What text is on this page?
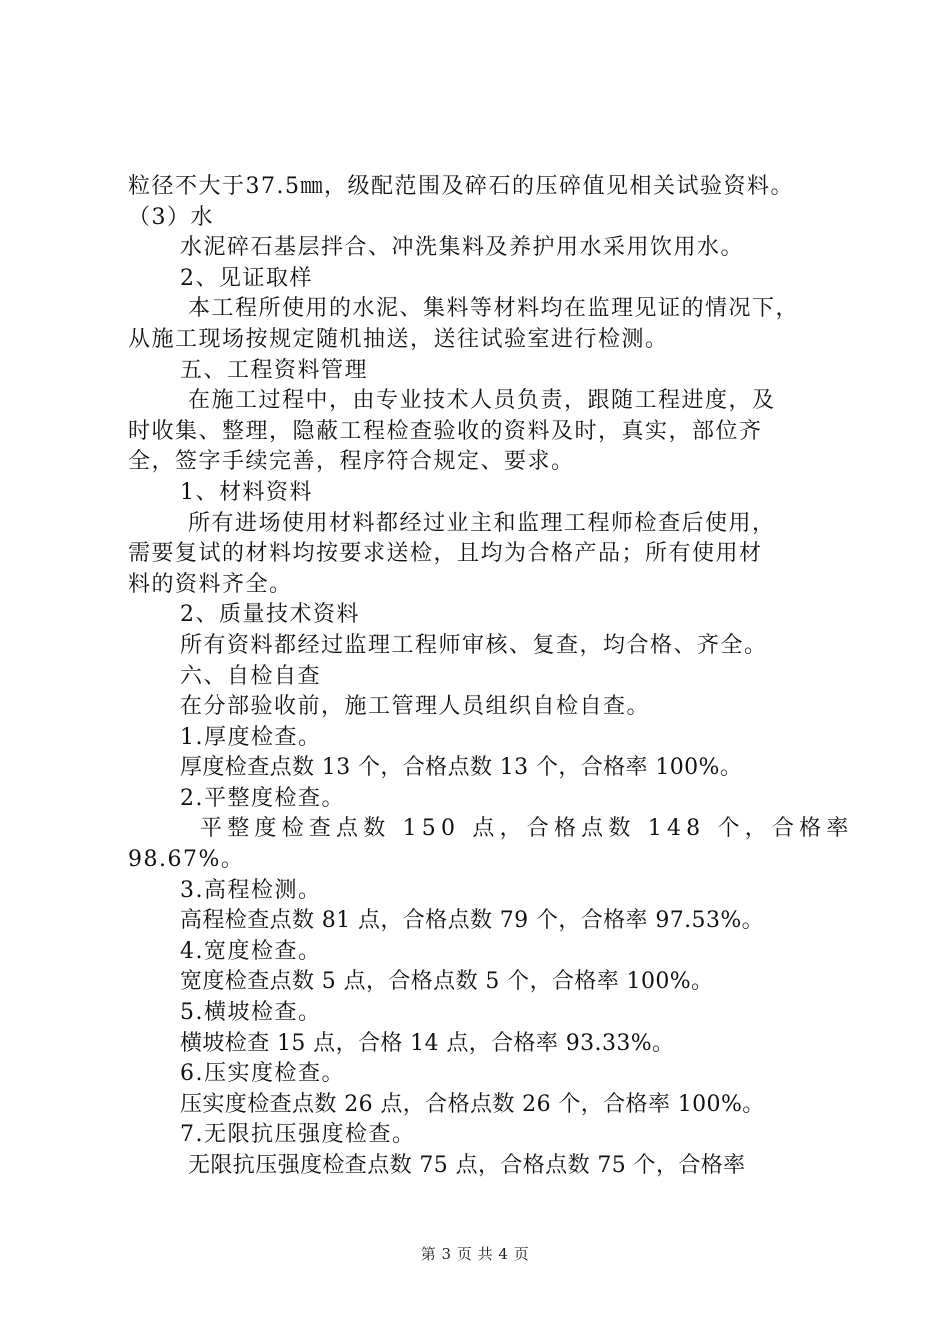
粒径不大于37.5㎜，级配范围及碎石的压碎值见相关试验资料。
（3）水
水泥碎石基层拌合、冲洗集料及养护用水采用饮用水。
2、见证取样
本工程所使用的水泥、集料等材料均在监理见证的情况下，
从施工现场按规定随机抽送，送往试验室进行检测。
五、工程资料管理
在施工过程中，由专业技术人员负责，跟随工程进度，及
时收集、整理，隐蔽工程检查验收的资料及时，真实，部位齐
全，签字手续完善，程序符合规定、要求。
1、材料资料
所有进场使用材料都经过业主和监理工程师检查后使用，
需要复试的材料均按要求送检，且均为合格产品；所有使用材
料的资料齐全。
2、质量技术资料
所有资料都经过监理工程师审核、复查，均合格、齐全。
六、自检自查
在分部验收前，施工管理人员组织自检自查。
1.厚度检查。
厚度检查点数 13 个，合格点数 13 个，合格率 100%。
2.平整度检查。
平整度检查点数 150 点，合格点数 148 个，合格率
98.67%。
3.高程检测。
高程检查点数 81 点，合格点数 79 个，合格率 97.53%。
4.宽度检查。
宽度检查点数 5 点，合格点数 5 个，合格率 100%。
5.横坡检查。
横坡检查 15 点，合格 14 点，合格率 93.33%。
6.压实度检查。
压实度检查点数 26 点，合格点数 26 个，合格率 100%。
7.无限抗压强度检查。
无限抗压强度检查点数 75 点，合格点数 75 个，合格率
第 3 页 共 4 页
